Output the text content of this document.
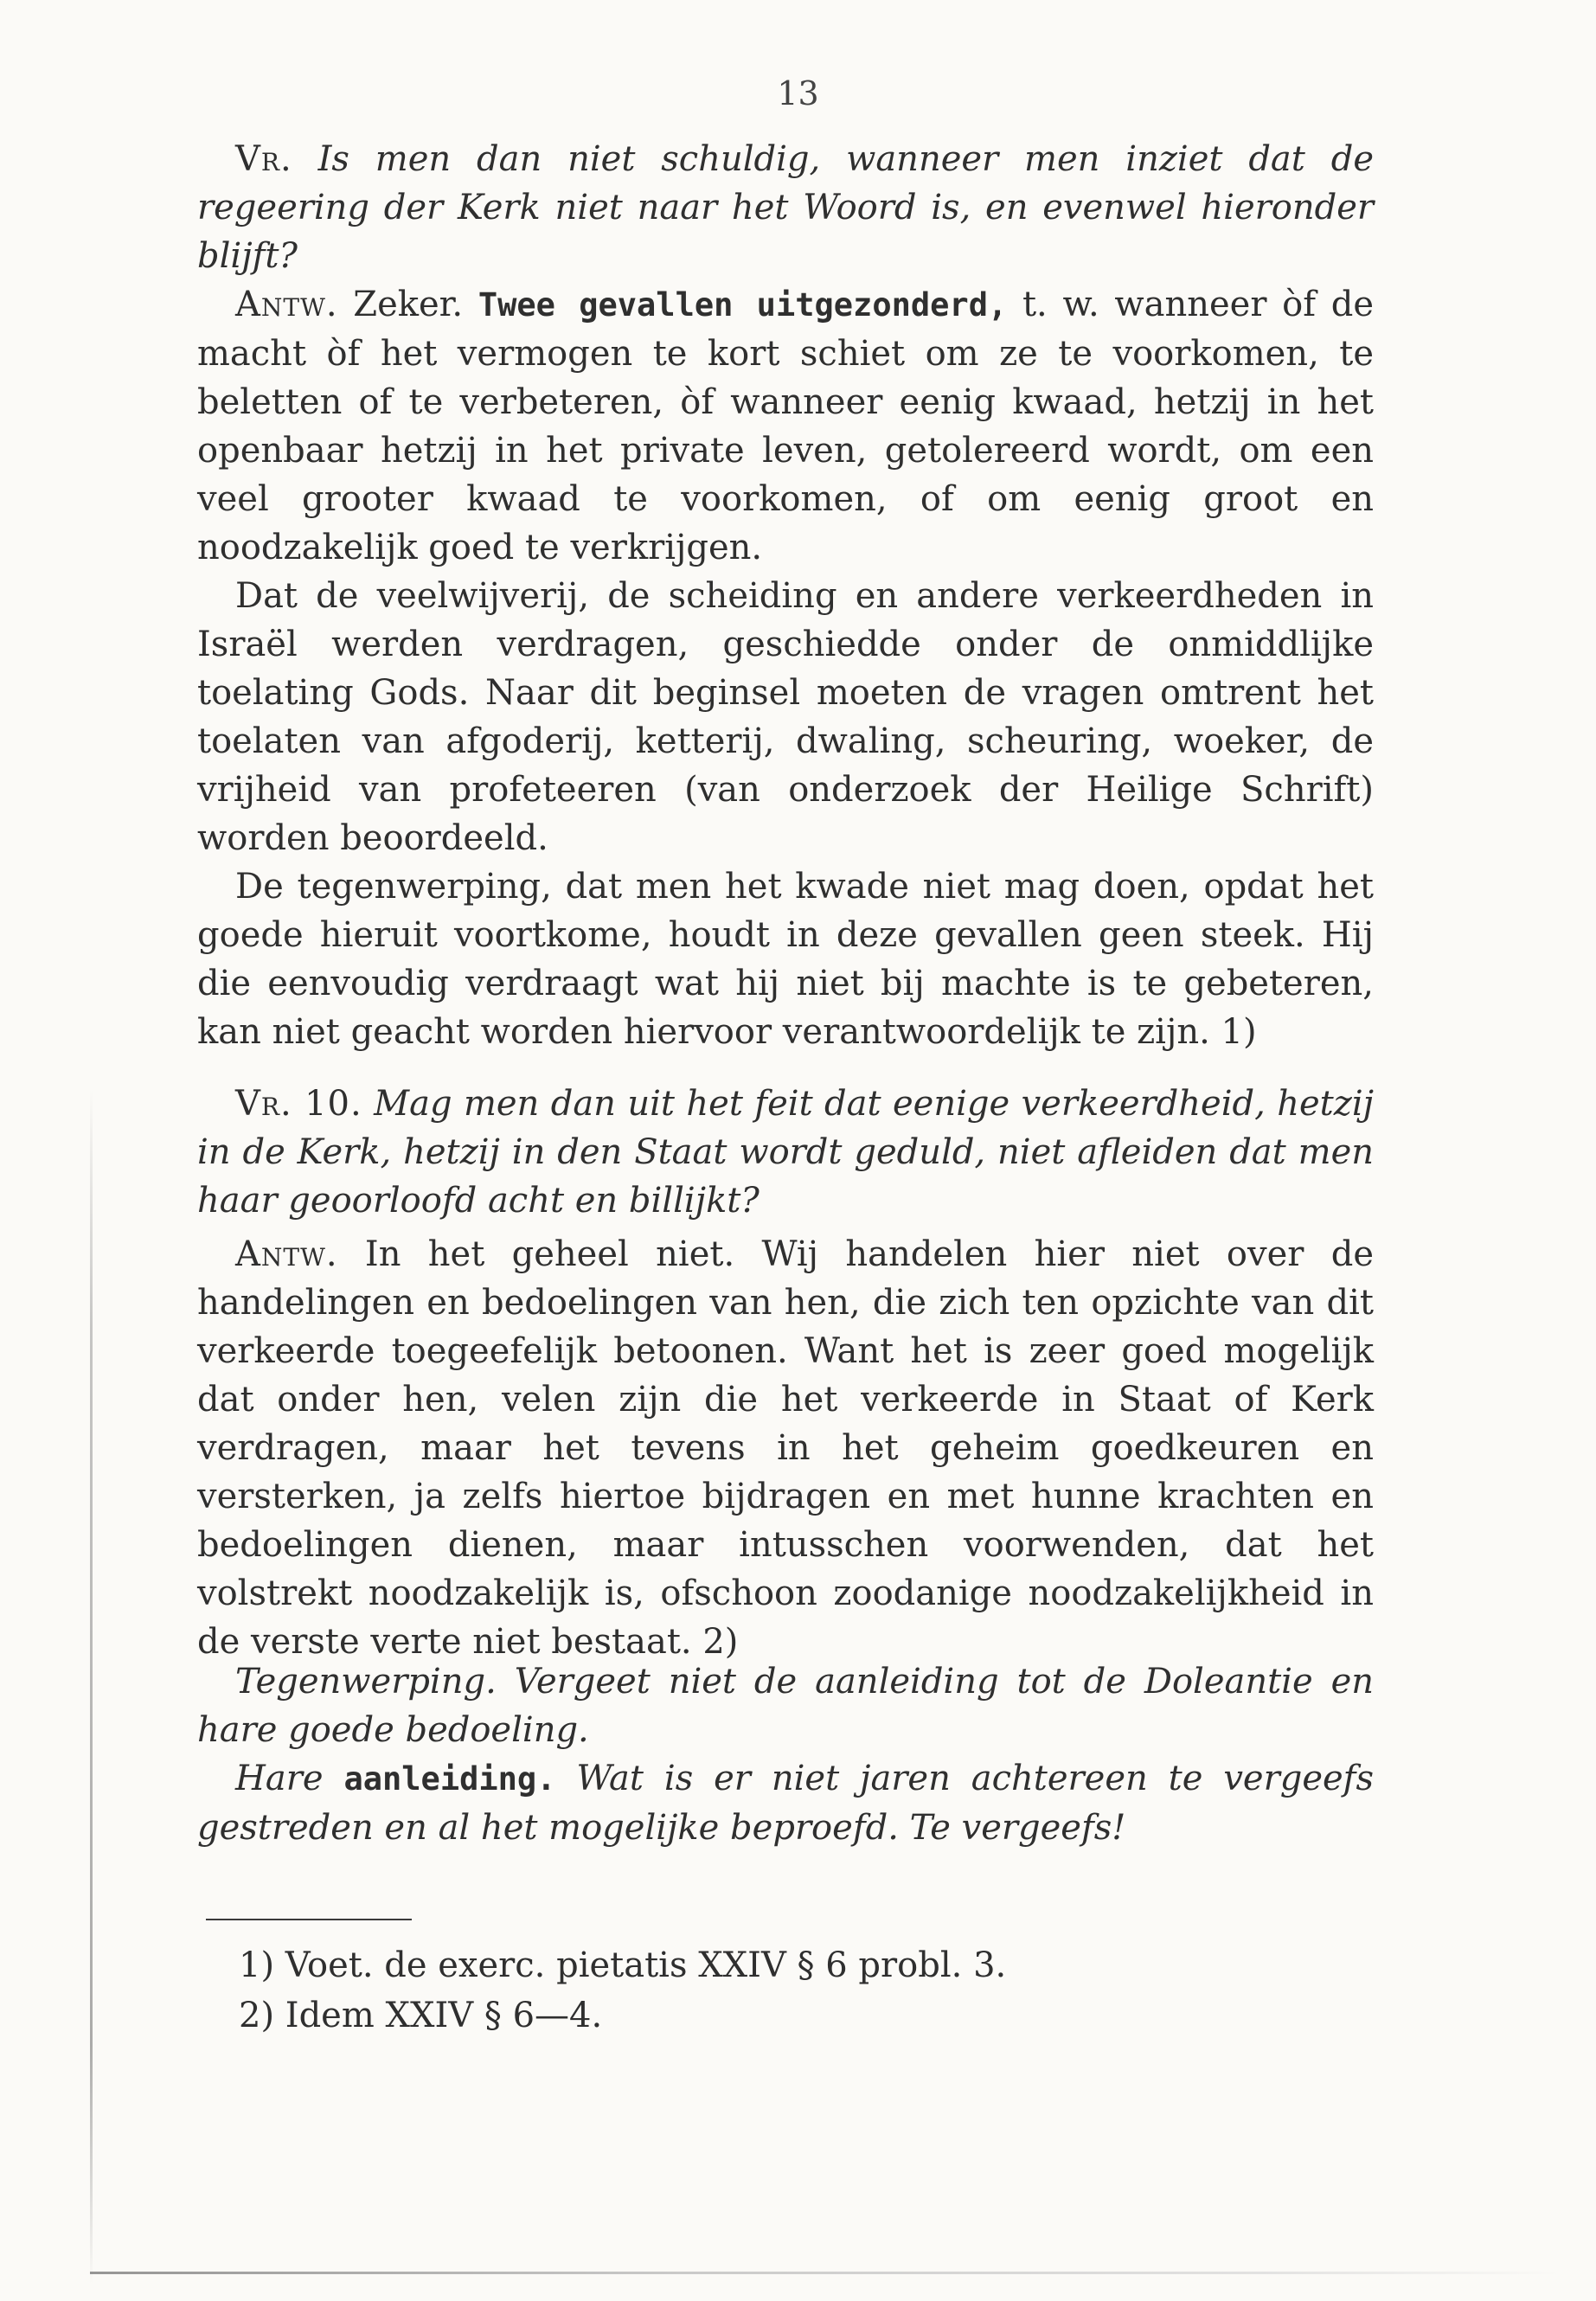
13

Vr. Is men dan niet schuldig, wanneer men inziet dat de regeering der Kerk niet naar het Woord is, en evenwel hieronder blijft?

Antw. Zeker. Twee gevallen uitgezonderd, t. w. wanneer òf de macht òf het vermogen te kort schiet om ze te voorkomen, te beletten of te verbeteren, òf wanneer eenig kwaad, hetzij in het openbaar hetzij in het private leven, getolereerd wordt, om een veel grooter kwaad te voorkomen, of om eenig groot en noodzakelijk goed te verkrijgen.

Dat de veelwijverij, de scheiding en andere verkeerdheden in Israël werden verdragen, geschiedde onder de onmiddlijke toelating Gods. Naar dit beginsel moeten de vragen omtrent het toelaten van afgoderij, ketterij, dwaling, scheuring, woeker, de vrijheid van profeteeren (van onderzoek der Heilige Schrift) worden beoordeeld.

De tegenwerping, dat men het kwade niet mag doen, opdat het goede hieruit voortkome, houdt in deze gevallen geen steek. Hij die eenvoudig verdraagt wat hij niet bij machte is te gebeteren, kan niet geacht worden hiervoor verantwoordelijk te zijn. 1)

Vr. 10. Mag men dan uit het feit dat eenige verkeerdheid, hetzij in de Kerk, hetzij in den Staat wordt geduld, niet afleiden dat men haar geoorloofd acht en billijkt?

Antw. In het geheel niet. Wij handelen hier niet over de handelingen en bedoelingen van hen, die zich ten opzichte van dit verkeerde toegeefelijk betoonen. Want het is zeer goed mogelijk dat onder hen, velen zijn die het verkeerde in Staat of Kerk verdragen, maar het tevens in het geheim goedkeuren en versterken, ja zelfs hiertoe bijdragen en met hunne krachten en bedoelingen dienen, maar intusschen voorwenden, dat het volstrekt noodzakelijk is, ofschoon zoodanige noodzakelijkheid in de verste verte niet bestaat. 2)

Tegenwerping. Vergeet niet de aanleiding tot de Doleantie en hare goede bedoeling.

Hare aanleiding. Wat is er niet jaren achtereen te vergeefs gestreden en al het mogelijke beproefd. Te vergeefs!

1) Voet. de exerc. pietatis XXIV § 6 probl. 3.

2) Idem XXIV § 6—4.
